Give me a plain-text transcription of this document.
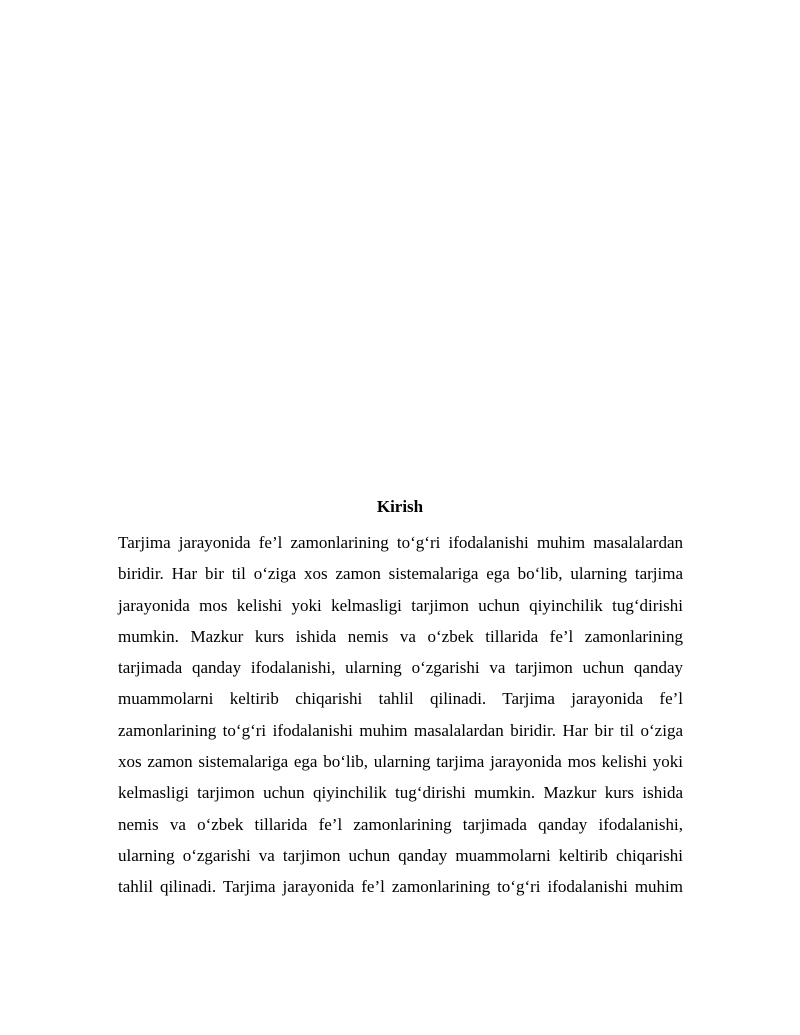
Kirish

Tarjima jarayonida fe’l zamonlarining to‘g‘ri ifodalanishi muhim masalalardan biridir. Har bir til o‘ziga xos zamon sistemalariga ega bo‘lib, ularning tarjima jarayonida mos kelishi yoki kelmasligi tarjimon uchun qiyinchilik tug‘dirishi mumkin. Mazkur kurs ishida nemis va o‘zbek tillarida fe’l zamonlarining tarjimada qanday ifodalanishi, ularning o‘zgarishi va tarjimon uchun qanday muammolarni keltirib chiqarishi tahlil qilinadi. Tarjima jarayonida fe’l zamonlarining to‘g‘ri ifodalanishi muhim masalalardan biridir. Har bir til o‘ziga xos zamon sistemalariga ega bo‘lib, ularning tarjima jarayonida mos kelishi yoki kelmasligi tarjimon uchun qiyinchilik tug‘dirishi mumkin. Mazkur kurs ishida nemis va o‘zbek tillarida fe’l zamonlarining tarjimada qanday ifodalanishi, ularning o‘zgarishi va tarjimon uchun qanday muammolarni keltirib chiqarishi tahlil qilinadi. Tarjima jarayonida fe’l zamonlarining to‘g‘ri ifodalanishi muhim
